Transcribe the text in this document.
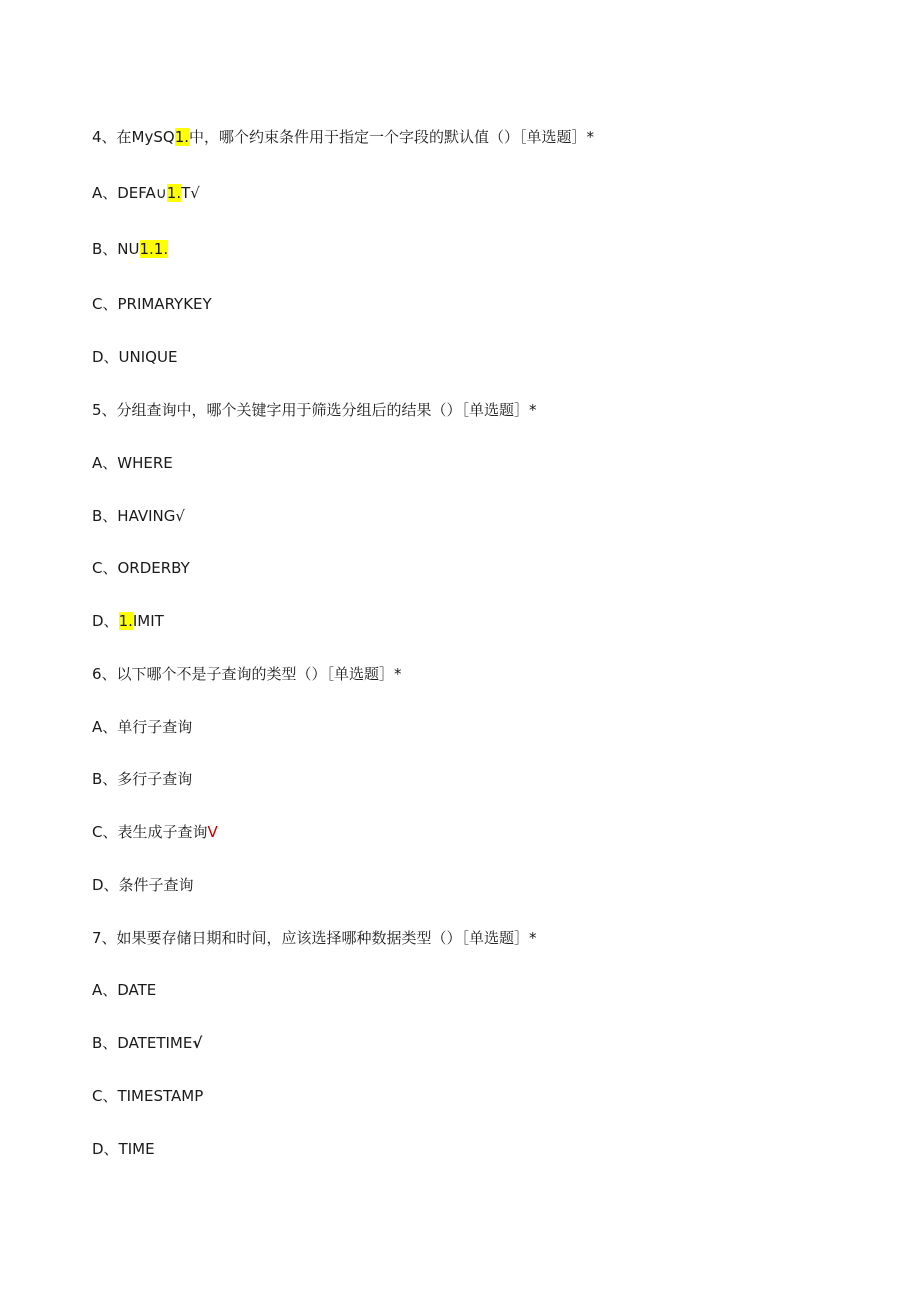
4、在MySQ1.中，哪个约束条件用于指定一个字段的默认值（）［单选题］*
A、DEFA∪1.T√
B、NU1.1.
C、PRIMARYKEY
D、UNIQUE
5、分组查询中，哪个关键字用于筛选分组后的结果（）［单选题］*
A、WHERE
B、HAVING√
C、ORDERBY
D、1.IMIT
6、以下哪个不是子查询的类型（）［单选题］*
A、单行子查询
B、多行子查询
C、表生成子查询V
D、条件子查询
7、如果要存储日期和时间，应该选择哪种数据类型（）［单选题］*
A、DATE
B、DATETIME√
C、TIMESTAMP
D、TIME
